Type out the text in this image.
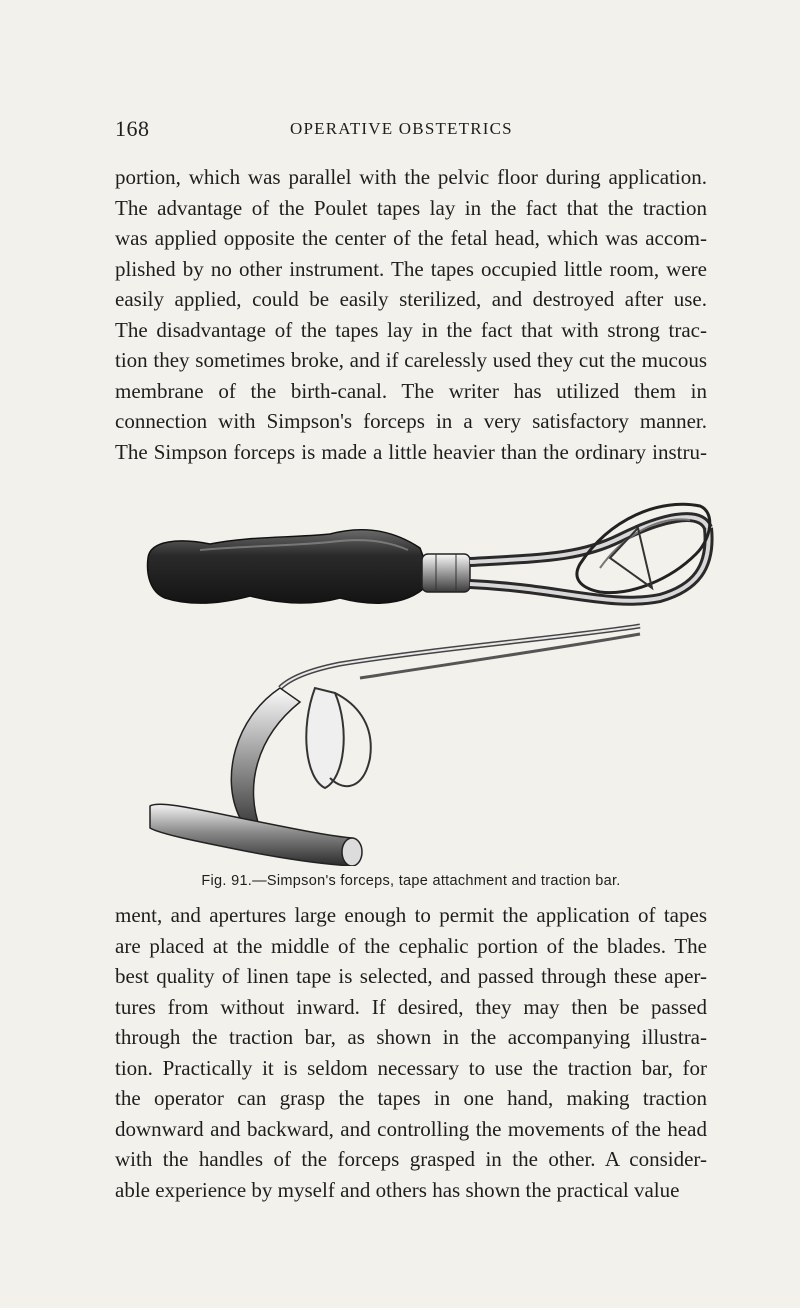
168	OPERATIVE OBSTETRICS
portion, which was parallel with the pelvic floor during application.
The advantage of the Poulet tapes lay in the fact that the traction
was applied opposite the center of the fetal head, which was accom-
plished by no other instrument. The tapes occupied little room, were
easily applied, could be easily sterilized, and destroyed after use.
The disadvantage of the tapes lay in the fact that with strong trac-
tion they sometimes broke, and if carelessly used they cut the mucous
membrane of the birth-canal. The writer has utilized them in
connection with Simpson's forceps in a very satisfactory manner.
The Simpson forceps is made a little heavier than the ordinary instru-
Fig. 91.—Simpson's forceps, tape attachment and traction bar.
ment, and apertures large enough to permit the application of tapes
are placed at the middle of the cephalic portion of the blades. The
best quality of linen tape is selected, and passed through these aper-
tures from without inward. If desired, they may then be passed
through the traction bar, as shown in the accompanying illustra-
tion. Practically it is seldom necessary to use the traction bar, for
the operator can grasp the tapes in one hand, making traction
downward and backward, and controlling the movements of the head
with the handles of the forceps grasped in the other. A consider-
able experience by myself and others has shown the practical value
